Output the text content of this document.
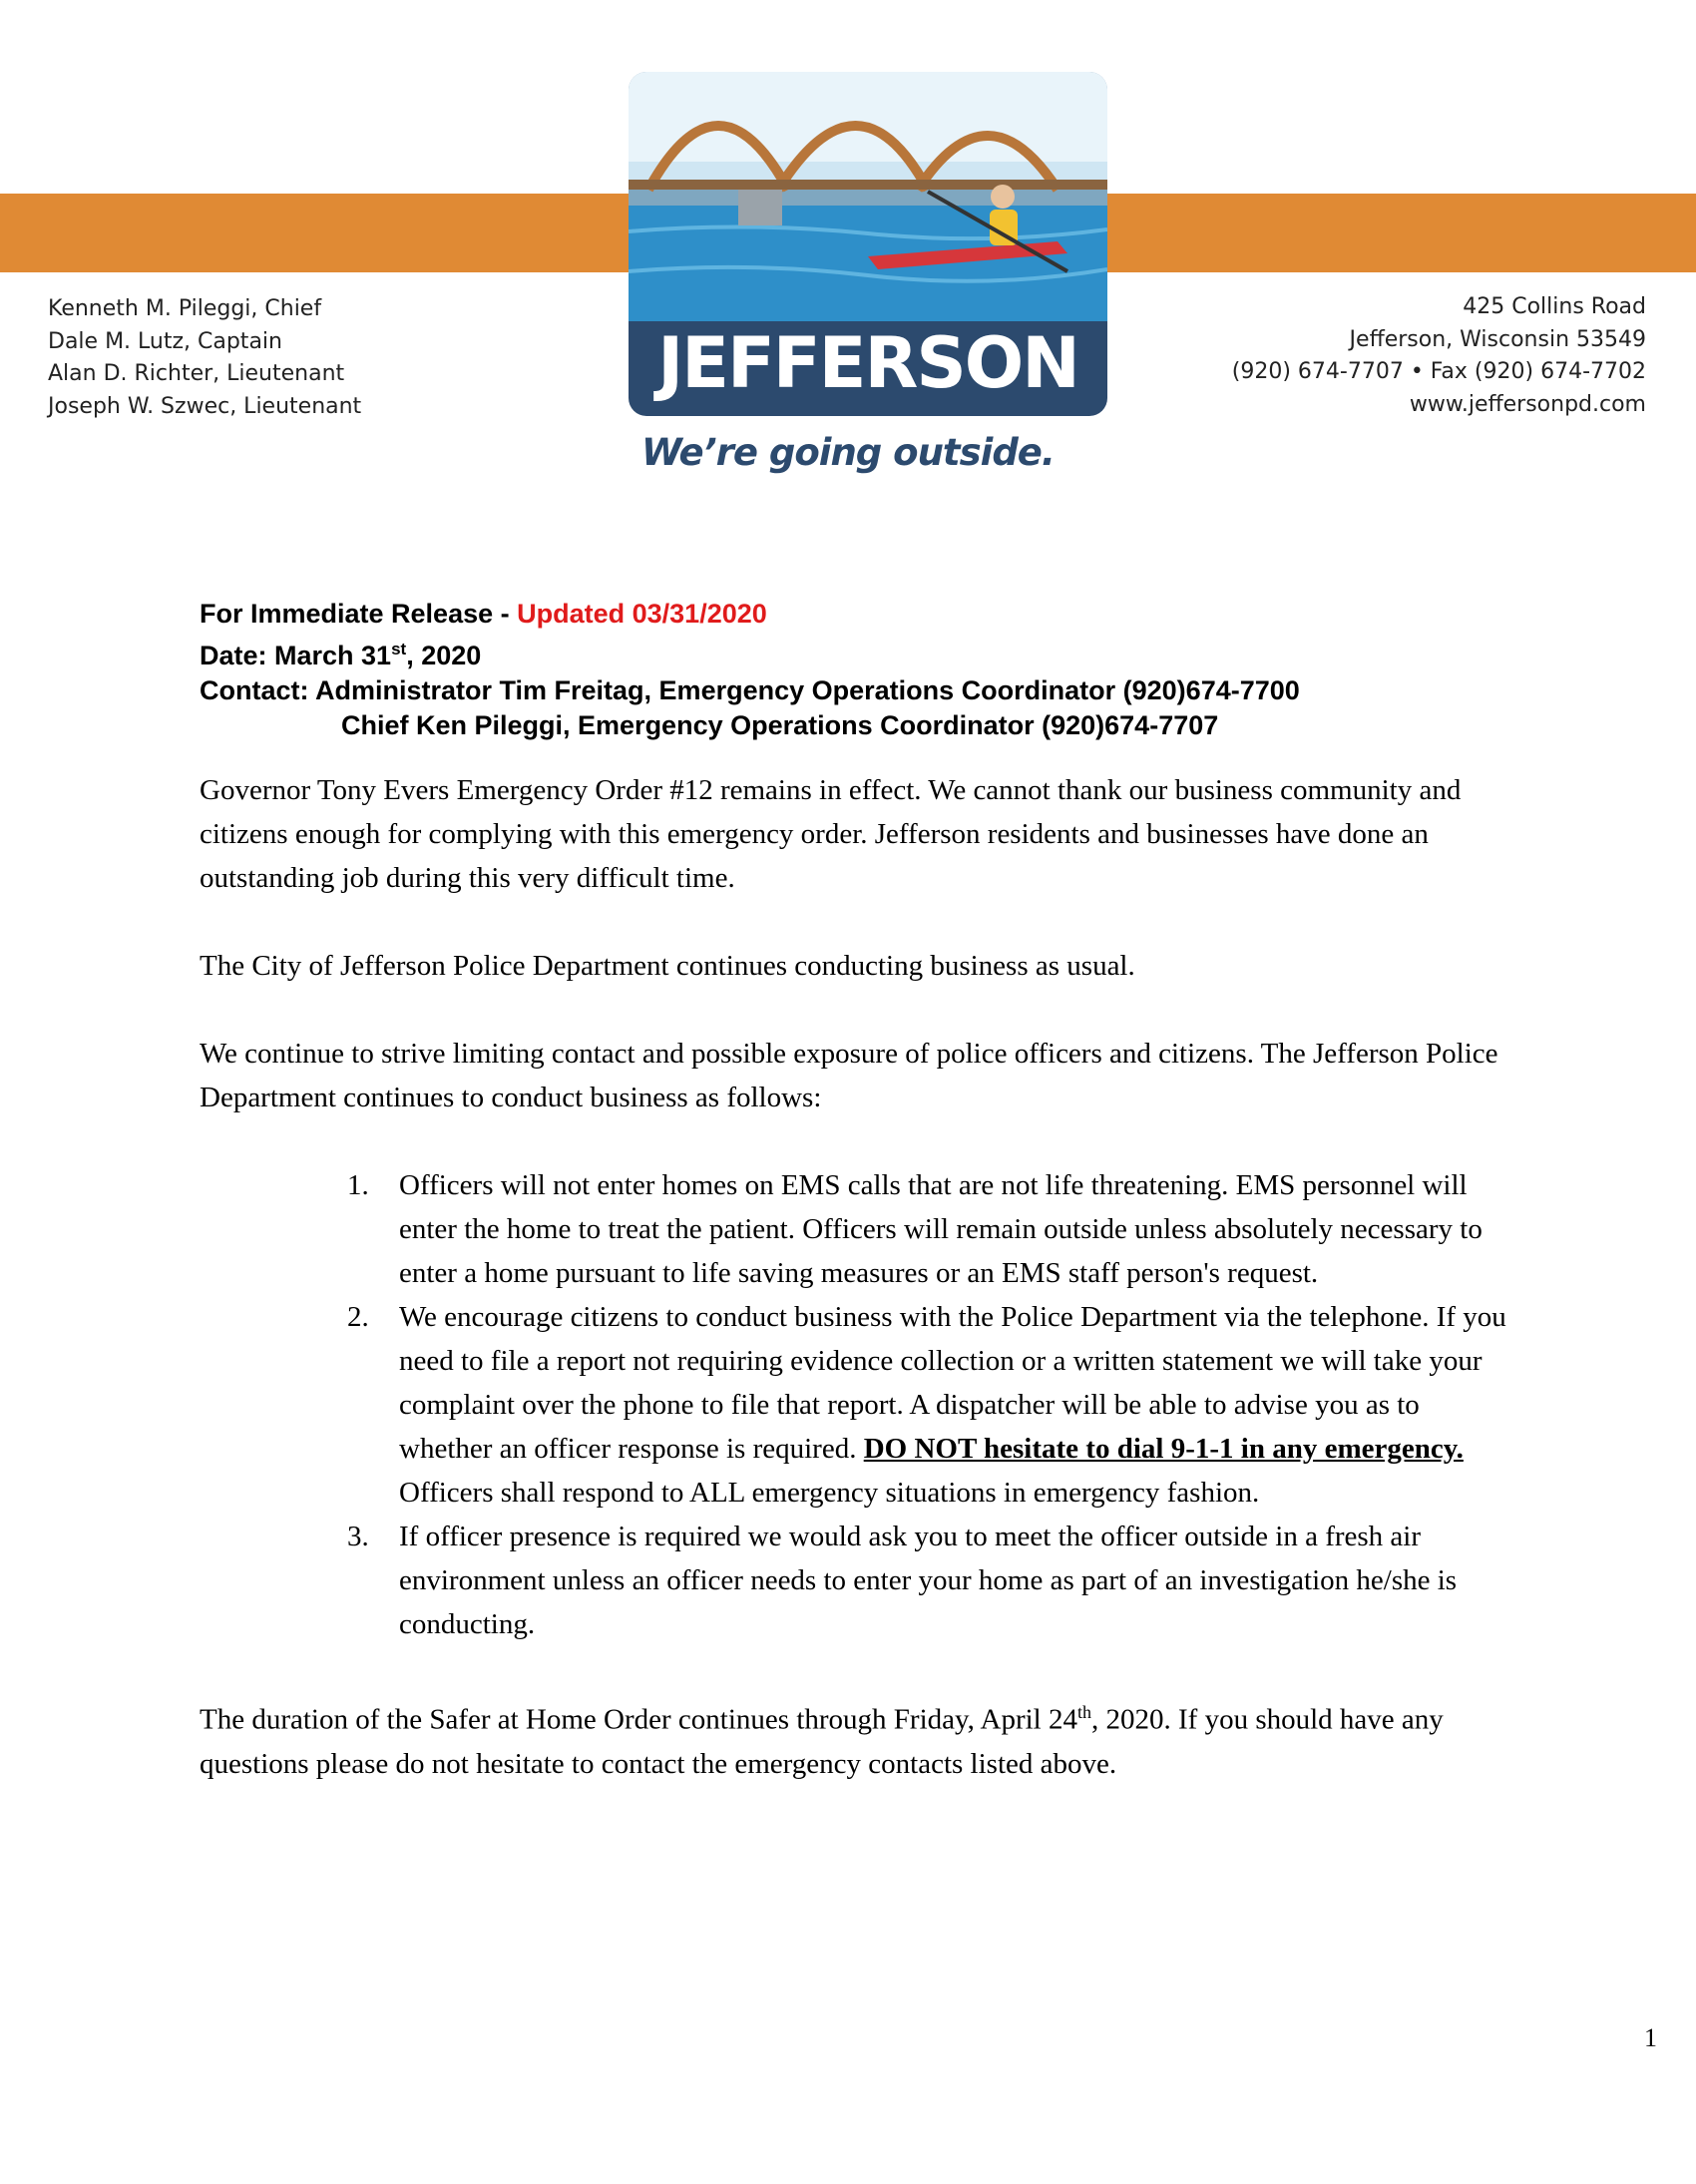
Kenneth M. Pileggi, Chief
Dale M. Lutz, Captain
Alan D. Richter, Lieutenant
Joseph W. Szwec, Lieutenant
425 Collins Road
Jefferson, Wisconsin 53549
(920) 674-7707 • Fax (920) 674-7702
www.jeffersonpd.com
JEFFERSON
We’re going outside.
For Immediate Release - Updated 03/31/2020
Date: March 31st, 2020
Contact: Administrator Tim Freitag, Emergency Operations Coordinator (920)674-7700
Chief Ken Pileggi, Emergency Operations Coordinator (920)674-7707

Governor Tony Evers Emergency Order #12 remains in effect. We cannot thank our business community and citizens enough for complying with this emergency order. Jefferson residents and businesses have done an outstanding job during this very difficult time.

The City of Jefferson Police Department continues conducting business as usual.

We continue to strive limiting contact and possible exposure of police officers and citizens. The Jefferson Police Department continues to conduct business as follows:

1. Officers will not enter homes on EMS calls that are not life threatening. EMS personnel will enter the home to treat the patient. Officers will remain outside unless absolutely necessary to enter a home pursuant to life saving measures or an EMS staff person's request.
2. We encourage citizens to conduct business with the Police Department via the telephone. If you need to file a report not requiring evidence collection or a written statement we will take your complaint over the phone to file that report. A dispatcher will be able to advise you as to whether an officer response is required. DO NOT hesitate to dial 9-1-1 in any emergency. Officers shall respond to ALL emergency situations in emergency fashion.
3. If officer presence is required we would ask you to meet the officer outside in a fresh air environment unless an officer needs to enter your home as part of an investigation he/she is conducting.

The duration of the Safer at Home Order continues through Friday, April 24th, 2020. If you should have any questions please do not hesitate to contact the emergency contacts listed above.

1
